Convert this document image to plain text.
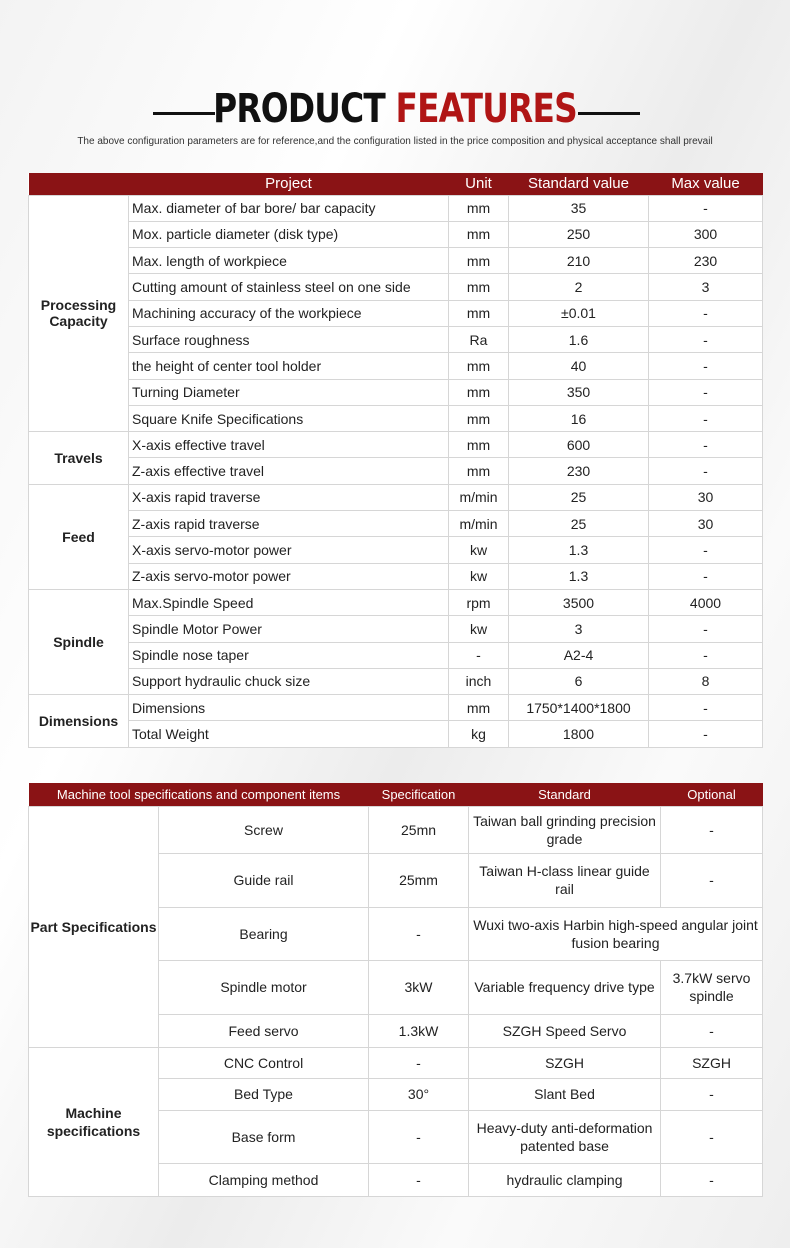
PRODUCT FEATURES
The above configuration parameters are for reference,and the configuration listed in the price composition and physical acceptance shall prevail
	Project	Unit	Standard value	Max value
Processing Capacity	Max. diameter of bar bore/ bar capacity	mm	35	-
	Mox. particle diameter (disk type)	mm	250	300
	Max. length of workpiece	mm	210	230
	Cutting amount of stainless steel on one side	mm	2	3
	Machining accuracy of the workpiece	mm	±0.01	-
	Surface roughness	Ra	1.6	-
	the height of center tool holder	mm	40	-
	Turning Diameter	mm	350	-
	Square Knife Specifications	mm	16	-
Travels	X-axis effective travel	mm	600	-
	Z-axis effective travel	mm	230	-
Feed	X-axis rapid traverse	m/min	25	30
	Z-axis rapid traverse	m/min	25	30
	X-axis servo-motor power	kw	1.3	-
	Z-axis servo-motor power	kw	1.3	-
Spindle	Max.Spindle Speed	rpm	3500	4000
	Spindle Motor Power	kw	3	-
	Spindle nose taper	-	A2-4	-
	Support hydraulic chuck size	inch	6	8
Dimensions	Dimensions	mm	1750*1400*1800	-
	Total Weight	kg	1800	-
Machine tool specifications and component items		Specification	Standard	Optional
Part Specifications	Screw	25mn	Taiwan ball grinding precision grade	-
	Guide rail	25mm	Taiwan H-class linear guide rail	-
	Bearing	-	Wuxi two-axis Harbin high-speed angular joint fusion bearing	
	Spindle motor	3kW	Variable frequency drive type	3.7kW servo spindle
	Feed servo	1.3kW	SZGH Speed Servo	-
Machine specifications	CNC Control	-	SZGH	SZGH
	Bed Type	30°	Slant Bed	-
	Base form	-	Heavy-duty anti-deformation patented base	-
	Clamping method	-	hydraulic clamping	-
